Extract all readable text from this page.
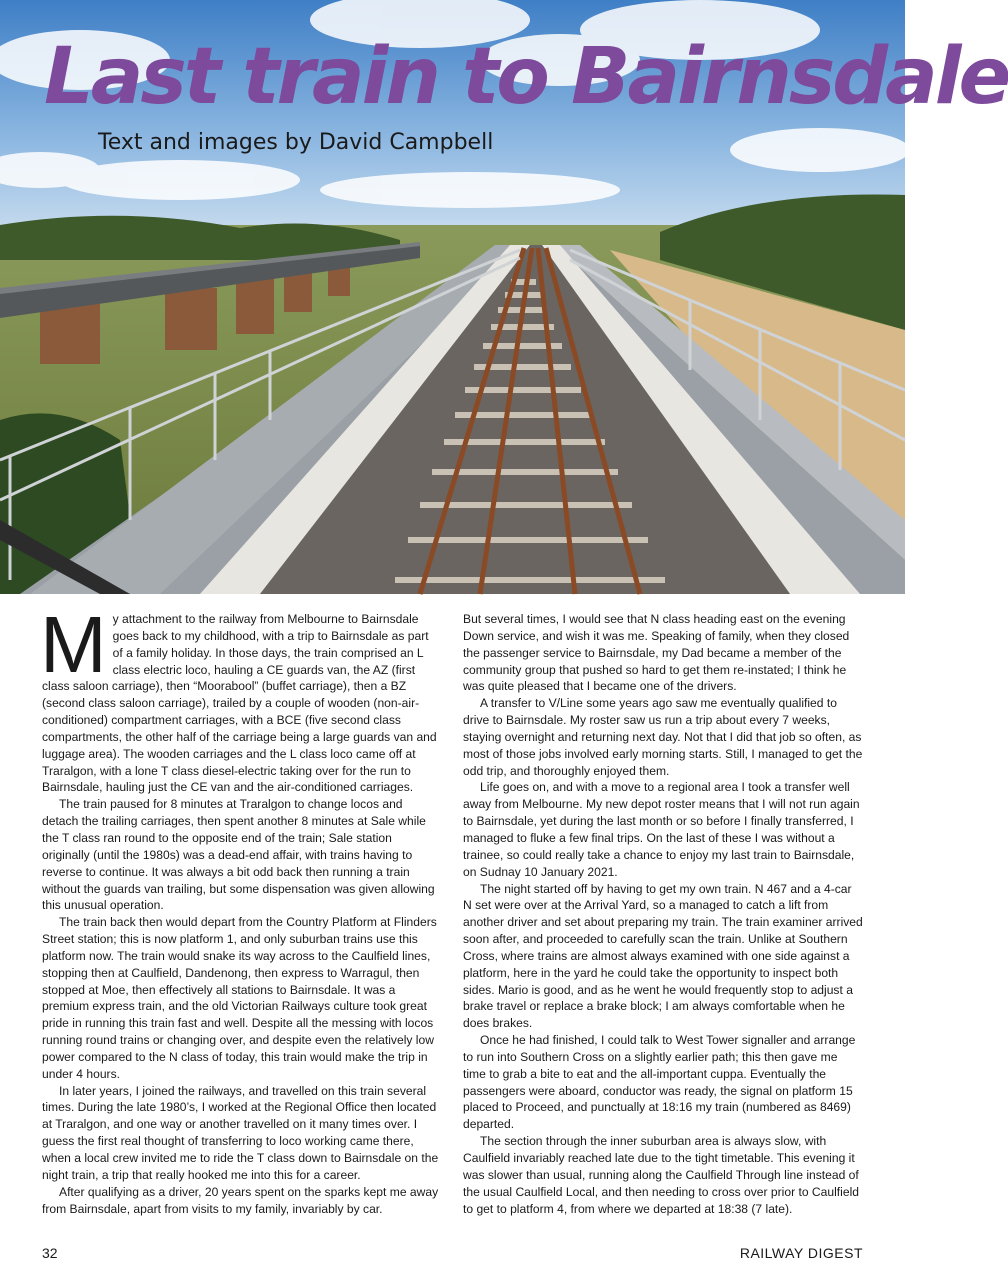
Last train to Bairnsdale
Text and images by David Campbell

My attachment to the railway from Melbourne to Bairnsdale goes back to my childhood, with a trip to Bairnsdale as part of a family holiday. In those days, the train comprised an L class electric loco, hauling a CE guards van, the AZ (first class saloon carriage), then “Moorabool” (buffet carriage), then a BZ (second class saloon carriage), trailed by a couple of wooden (non-air-conditioned) compartment carriages, with a BCE (five second class compartments, the other half of the carriage being a large guards van and luggage area). The wooden carriages and the L class loco came off at Traralgon, with a lone T class diesel-electric taking over for the run to Bairnsdale, hauling just the CE van and the air-conditioned carriages.

The train paused for 8 minutes at Traralgon to change locos and detach the trailing carriages, then spent another 8 minutes at Sale while the T class ran round to the opposite end of the train; Sale station originally (until the 1980s) was a dead-end affair, with trains having to reverse to continue. It was always a bit odd back then running a train without the guards van trailing, but some dispensation was given allowing this unusual operation.

The train back then would depart from the Country Platform at Flinders Street station; this is now platform 1, and only suburban trains use this platform now. The train would snake its way across to the Caulfield lines, stopping then at Caulfield, Dandenong, then express to Warragul, then stopped at Moe, then effectively all stations to Bairnsdale. It was a premium express train, and the old Victorian Railways culture took great pride in running this train fast and well. Despite all the messing with locos running round trains or changing over, and despite even the relatively low power compared to the N class of today, this train would make the trip in under 4 hours.

In later years, I joined the railways, and travelled on this train several times. During the late 1980’s, I worked at the Regional Office then located at Traralgon, and one way or another travelled on it many times over. I guess the first real thought of transferring to loco working came there, when a local crew invited me to ride the T class down to Bairnsdale on the night train, a trip that really hooked me into this for a career.

After qualifying as a driver, 20 years spent on the sparks kept me away from Bairnsdale, apart from visits to my family, invariably by car.

But several times, I would see that N class heading east on the evening Down service, and wish it was me. Speaking of family, when they closed the passenger service to Bairnsdale, my Dad became a member of the community group that pushed so hard to get them re-instated; I think he was quite pleased that I became one of the drivers.

A transfer to V/Line some years ago saw me eventually qualified to drive to Bairnsdale. My roster saw us run a trip about every 7 weeks, staying overnight and returning next day. Not that I did that job so often, as most of those jobs involved early morning starts. Still, I managed to get the odd trip, and thoroughly enjoyed them.

Life goes on, and with a move to a regional area I took a transfer well away from Melbourne. My new depot roster means that I will not run again to Bairnsdale, yet during the last month or so before I finally transferred, I managed to fluke a few final trips. On the last of these I was without a trainee, so could really take a chance to enjoy my last train to Bairnsdale, on Sudnay 10 January 2021.

The night started off by having to get my own train. N 467 and a 4-car N set were over at the Arrival Yard, so a managed to catch a lift from another driver and set about preparing my train. The train examiner arrived soon after, and proceeded to carefully scan the train. Unlike at Southern Cross, where trains are almost always examined with one side against a platform, here in the yard he could take the opportunity to inspect both sides. Mario is good, and as he went he would frequently stop to adjust a brake travel or replace a brake block; I am always comfortable when he does brakes.

Once he had finished, I could talk to West Tower signaller and arrange to run into Southern Cross on a slightly earlier path; this then gave me time to grab a bite to eat and the all-important cuppa. Eventually the passengers were aboard, conductor was ready, the signal on platform 15 placed to Proceed, and punctually at 18:16 my train (numbered as 8469) departed.

The section through the inner suburban area is always slow, with Caulfield invariably reached late due to the tight timetable. This evening it was slower than usual, running along the Caulfield Through line instead of the usual Caulfield Local, and then needing to cross over prior to Caulfield to get to platform 4, from where we departed at 18:38 (7 late).

32	RAILWAY DIGEST
